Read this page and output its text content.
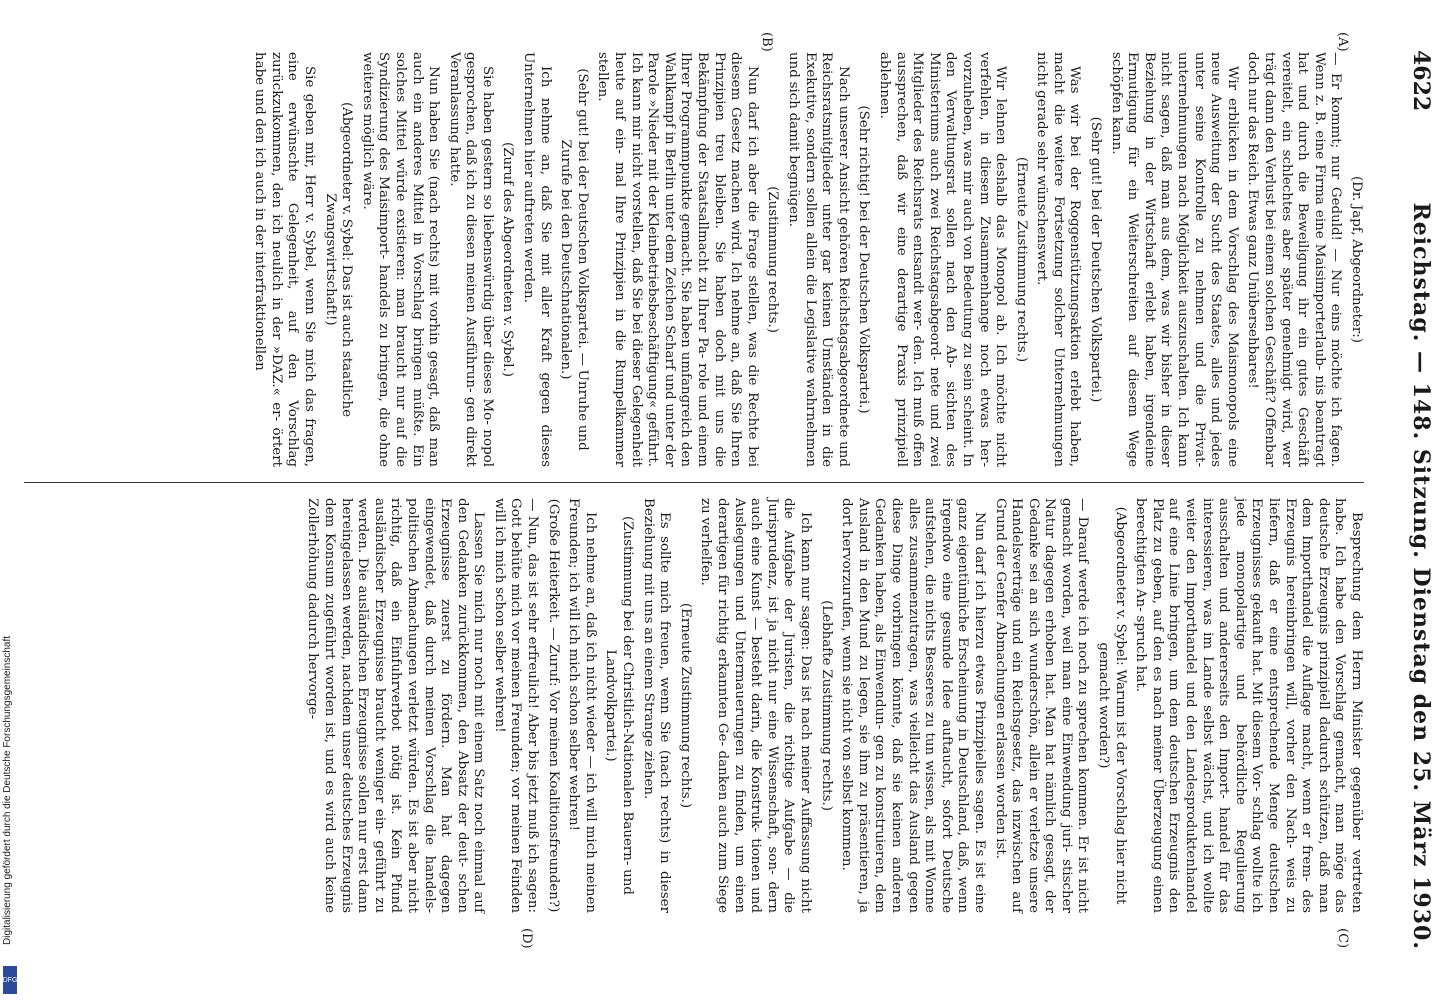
4622
Reichstag. — 148. Sitzung. Dienstag den 25. März 1930.

(Dr. Japf, Abgeordneter:)

— Er kommt; nur Geduld! — Nur eins möchte ich fagen. Wenn z. B. eine Firma eine Maisimporterlaub- nis beantragt hat und durch die Beweiligung ihr ein gutes Geschäft vereitelt, ein schlechtes aber später genehmigt wird, wer trägt dann den Verlust bei einem solchen Geschäft? Offenbar doch nur das Reich. Etwas ganz Unübersehbares!

Wir erblicken in dem Vorschlag des Maismonopols eine neue Ausweitung der Sucht des Staates, alles und jedes unter seine Kontrolle zu nehmen und die Privat- unternehmungen nach Möglichkeit auszuschalten. Ich kann nicht sagen, daß man aus dem, was wir bisher in dieser Beziehung in der Wirtschaft erlebt haben, irgendeine Ermutigung für ein Weiterschreiten auf diesem Wege schöpfen kann.

(Sehr gut! bei der Deutschen Volkspartei.)

Was wir bei der Roggenstützungsaktion erlebt haben, macht die weitere Fortsetzung solcher Unternehmungen nicht gerade sehr wünschenswert.

(Erneute Zustimmung rechts.)

Wir lehnen deshalb das Monopol ab. Ich möchte nicht verfehlen, in diesem Zusammenhange noch etwas her- vorzuheben, was mir auch von Bedeutung zu sein scheint. In den Verwaltungsrat sollen nach den Ab- sichten des Ministeriums auch zwei Reichstagsabgeord- nete und zwei Mitglieder des Reichsrats entsandt wer- den. Ich muß offen aussprechen, daß wir eine derartige Praxis prinzipiell ablehnen.

(Sehr richtig! bei der Deutschen Volkspartei.)

Nach unserer Ansicht gehören Reichstagsabgeordnete und Reichsratsmitglieder unter gar keinen Umständen in die Exekutive, sondern sollen allein die Legislative wahrnehmen und sich damit begnügen.

(Zustimmung rechts.)

Nun darf ich aber die Frage stellen, was die Rechte bei diesem Gesetz machen wird. Ich nehme an, daß Sie Ihren Prinzipien treu bleiben. Sie haben doch mit uns die Bekämpfung der Staatsallmacht zu Ihrer Pa- role und einem Ihrer Programmpunkte gemacht. Sie haben umfangreich den Wahlkampf in Berlin unter dem Zeichen Scharf und unter der Parole »Nieder mit der Kleinbetriebsbeschäftigung« geführt. Ich kann mir nicht vorstellen, daß Sie bei dieser Gelegenheit heute auf ein- mal Ihre Prinzipien in die Rumpelkammer stellen.

(Sehr gut! bei der Deutschen Volkspartei. — Unruhe und Zurufe bei den Deutschnationalen.)

Ich nehme an, daß Sie mit aller Kraft gegen dieses Unternehmen hier auftreten werden.

(Zuruf des Abgeordneten v. Sybel.)

Sie haben gestern so liebenswürdig über dieses Mo- nopol gesprochen, daß ich zu diesen meinen Ausführun- gen direkt Veranlassung hatte.

Nun haben Sie (nach rechts) mit vorhin gesagt, daß man auch ein anderes Mittel in Vorschlag bringen müßte. Ein solches Mittel würde existieren: man braucht nur auf die Syndizierung des Maisimport- handels zu bringen, die ohne weiteres möglich wäre.

(Abgeordneter v. Sybel: Das ist auch staatliche Zwangswirtschaft!)

Sie geben mir, Herr v. Sybel, wenn Sie mich das fragen, eine erwünschte Gelegenheit, auf den Vorschlag zurückzukommen, den ich neulich in der »DAZ.« er- örtert habe und den ich auch in der interfraktionellen

Besprechung dem Herrn Minister gegenüber vertreten habe. Ich habe den Vorschlag gemacht, man möge das deutsche Erzeugnis prinzipiell dadurch schützen, daß man dem Importhandel die Auflage macht, wenn er frem- des Erzeugnis hereinbringen will, vorher den Nach- weis zu liefern, daß er eine entsprechende Menge deutschen Erzeugnisses gekauft hat. Mit diesem Vor- schlag wollte ich jede monopolartige und behördliche Regulierung ausschalten und andererseits den Import- handel für das interessieren, was im Lande selbst wächst, und ich wollte weiter den Importhandel und den Landesproduktenhandel auf eine Linie bringen, um dem deutschen Erzeugnis den Platz zu geben, auf den es nach meiner Überzeugung einen berechtigten An- spruch hat.

(Abgeordneter v. Sybel: Warum ist der Vorschlag hier nicht gemacht worden?)

— Darauf werde ich noch zu sprechen kommen. Er ist nicht gemacht worden, weil man eine Einwendung juri- stischer Natur dagegen erhoben hat. Man hat nämlich gesagt, der Gedanke sei an sich wunderschön, allein er verletze unsere Handelsverträge und ein Reichsgesetz, das inzwischen auf Grund der Genfer Abmachungen erlassen worden ist.

Nun darf ich hierzu etwas Prinzipielles sagen. Es ist eine ganz eigentümliche Erscheinung in Deutschland, daß, wenn irgendwo eine gesunde Idee auftaucht, sofort Deutsche aufstehen, die nichts Besseres zu tun wissen, als mit Wonne alles zusammenzutragen, was vielleicht das Ausland gegen diese Dinge vorbringen könnte, daß sie keinen anderen Gedanken haben, als Einwendun- gen zu konstruieren, dem Ausland in den Mund zu legen, sie ihm zu präsentieren, ja dort hervorzurufen, wenn sie nicht von selbst kommen.

(Lebhafte Zustimmung rechts.)

Ich kann nur sagen: Das ist nach meiner Auffassung nicht die Aufgabe der Juristen, die richtige Aufgabe — die Jurisprudenz, ist ja nicht nur eine Wissenschaft, son- dern auch eine Kunst — besteht darin, die Konstruk- tionen und Auslegungen und Untermauerungen zu finden, um einen derartigen für richtig erkannten Ge- danken auch zum Siege zu verhelfen.

(Erneute Zustimmung rechts.)

Es sollte mich freuen, wenn Sie (nach rechts) in dieser Beziehung mit uns an einem Strange ziehen.

(Zustimmung bei der Christlich-Nationalen Bauern- und Landvolkpartei.)

Ich nehme an, daß ich nicht wieder — ich will mich meinen Freunden; ich will ich mich schon selber wehren!

(Große Heiterkeit. — Zuruf: Vor meinen Koalitionsfreunden?)

— Nun, das ist sehr erfreulich! Aber bis jetzt muß ich sagen: Gott behüte mich vor meinen Freunden; vor meinen Feinden will ich mich schon selber wehren!

Lassen Sie mich nur noch mit einem Satz noch einmal auf den Gedanken zurückkommen, den Absatz der deut- schen Erzeugnisse zuerst zu fördern. Man hat dagegen eingewendet, daß durch meinen Vorschlag die handels- politischen Abmachungen verletzt würden. Es ist aber nicht richtig, daß ein Einfuhrverbot nötig ist. Kein Pfund ausländischer Erzeugnisse braucht weniger ein- geführt zu werden. Die ausländischen Erzeugnisse sollen nur erst dann hereingelassen werden, nachdem unser deutsches Erzeugnis dem Konsum zugeführt worden ist, und es wird auch keine Zollerhöhung dadurch hervorge-

(A)
(B)
(C)
(D)
Digitalisierung gefördert durch die Deutsche Forschungsgemeinschaft
DFG
